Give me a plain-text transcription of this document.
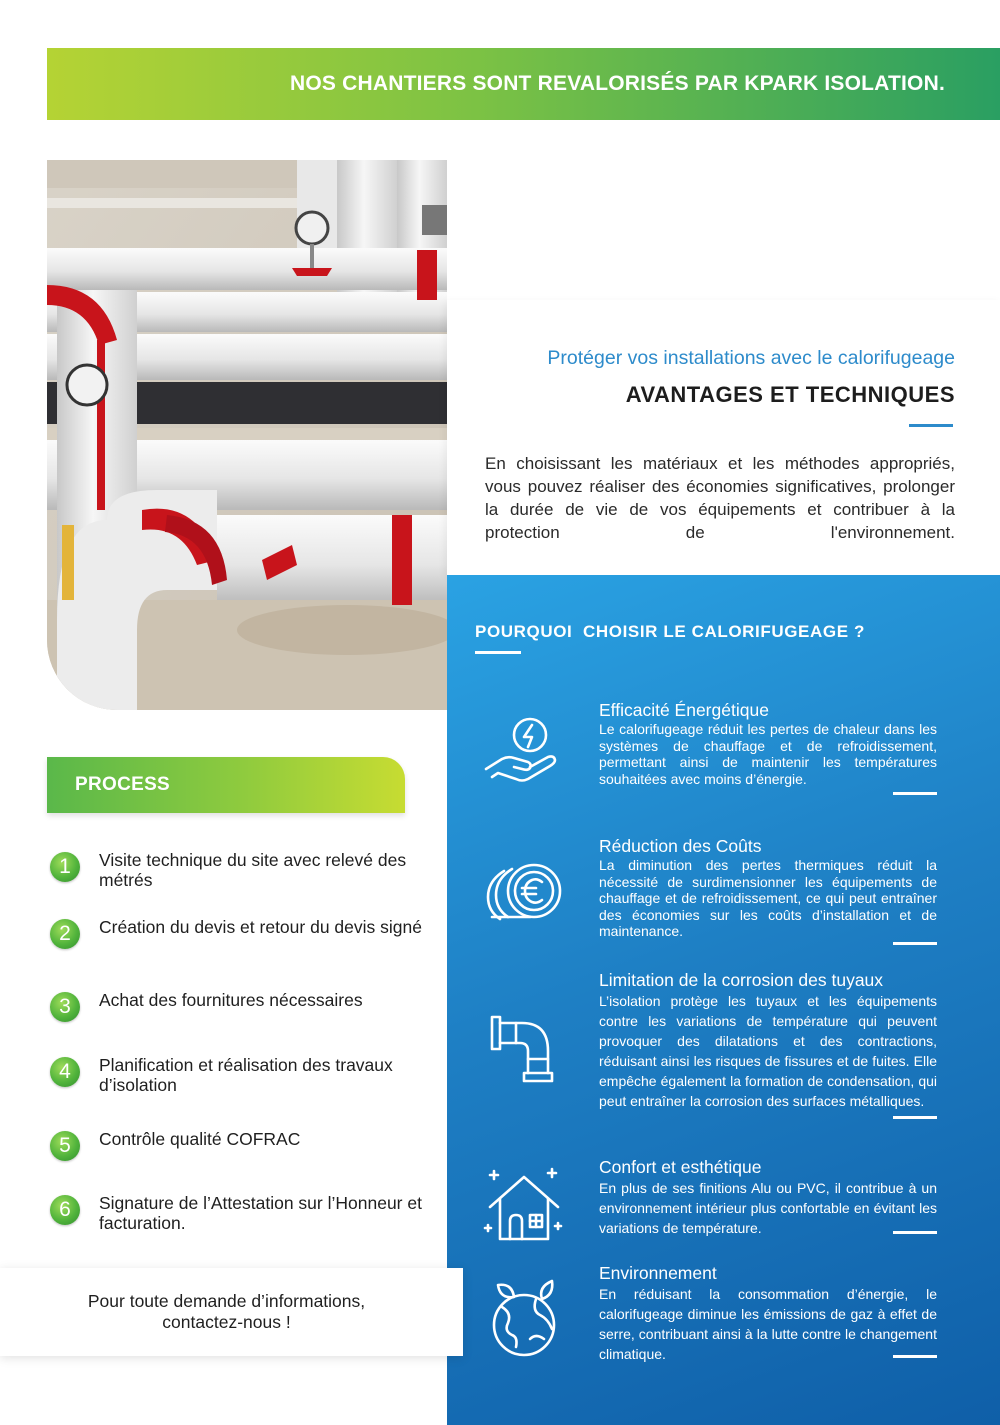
NOS CHANTIERS SONT REVALORISÉS PAR KPARK ISOLATION.
Protéger vos installations avec le calorifugeage
AVANTAGES ET TECHNIQUES

En choisissant les matériaux et les méthodes appropriés, vous pouvez réaliser des économies significatives, prolonger la durée de vie de vos équipements et contribuer à la protection de l'environnement.

POURQUOI  CHOISIR LE CALORIFUGEAGE ?
Efficacité Énergétique

Le calorifugeage réduit les pertes de chaleur dans les systèmes de chauffage et de refroidissement, permettant ainsi de maintenir les températures souhaitées avec moins d’énergie.

Réduction des Coûts

La diminution des pertes thermiques réduit la nécessité de surdimensionner les équipements de chauffage et de refroidissement, ce qui peut entraîner des économies sur les coûts d’installation et de maintenance.

Limitation de la corrosion des tuyaux

L’isolation protège les tuyaux et les équipements contre les variations de température qui peuvent provoquer des dilatations et des contractions, réduisant ainsi les risques de fissures et de fuites. Elle empêche également la formation de condensation, qui peut entraîner la corrosion des surfaces métalliques.

Confort et esthétique

En plus de ses finitions Alu ou PVC, il contribue à un environnement intérieur plus confortable en évitant les variations de température.

Environnement

En réduisant la consommation d’énergie, le calorifugeage diminue les émissions de gaz à effet de serre, contribuant ainsi à la lutte contre le changement climatique.

PROCESS
1	Visite technique du site avec relevé des métrés
2	Création du devis et retour du devis signé
3	Achat des fournitures nécessaires
4	Planification et réalisation des travaux d’isolation
5	Contrôle qualité COFRAC
6	Signature de l’Attestation sur l’Honneur et facturation.

Pour toute demande d’informations,
contactez-nous !
